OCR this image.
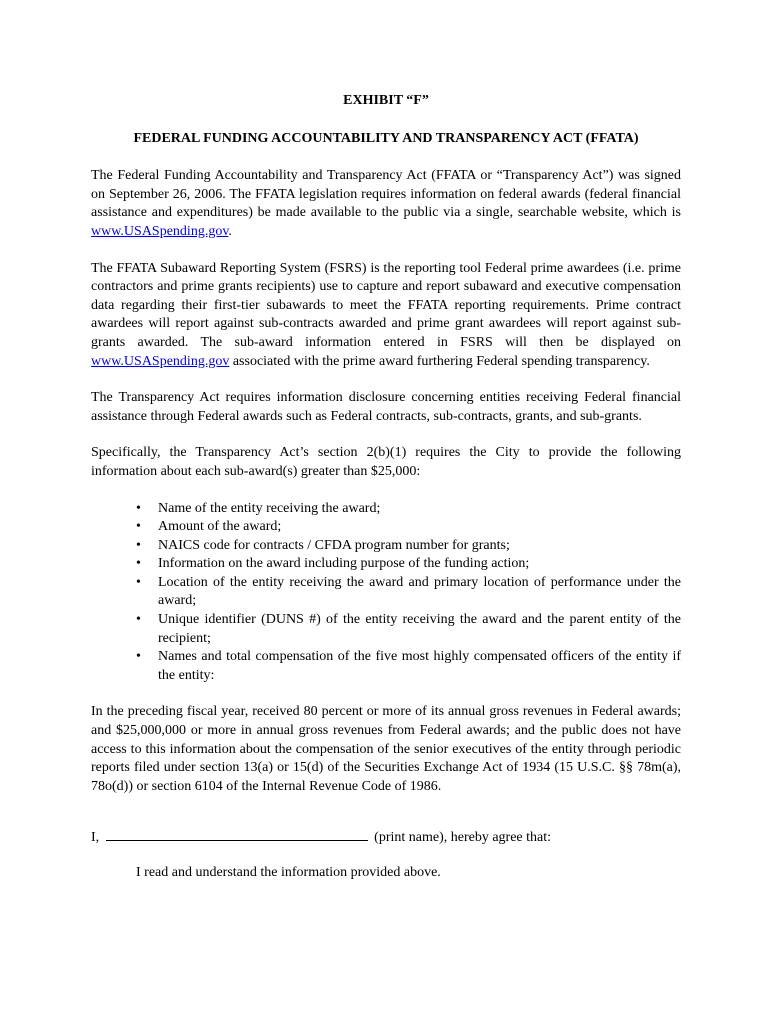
EXHIBIT “F”

FEDERAL FUNDING ACCOUNTABILITY AND TRANSPARENCY ACT (FFATA)

The Federal Funding Accountability and Transparency Act (FFATA or “Transparency Act”) was signed on September 26, 2006. The FFATA legislation requires information on federal awards (federal financial assistance and expenditures) be made available to the public via a single, searchable website, which is www.USASpending.gov.

The FFATA Subaward Reporting System (FSRS) is the reporting tool Federal prime awardees (i.e. prime contractors and prime grants recipients) use to capture and report subaward and executive compensation data regarding their first-tier subawards to meet the FFATA reporting requirements. Prime contract awardees will report against sub-contracts awarded and prime grant awardees will report against sub-grants awarded. The sub-award information entered in FSRS will then be displayed on www.USASpending.gov associated with the prime award furthering Federal spending transparency.

The Transparency Act requires information disclosure concerning entities receiving Federal financial assistance through Federal awards such as Federal contracts, sub-contracts, grants, and sub-grants.

Specifically, the Transparency Act’s section 2(b)(1) requires the City to provide the following information about each sub-award(s) greater than $25,000:

• Name of the entity receiving the award;
• Amount of the award;
• NAICS code for contracts / CFDA program number for grants;
• Information on the award including purpose of the funding action;
• Location of the entity receiving the award and primary location of performance under the award;
• Unique identifier (DUNS #) of the entity receiving the award and the parent entity of the recipient;
• Names and total compensation of the five most highly compensated officers of the entity if the entity:

In the preceding fiscal year, received 80 percent or more of its annual gross revenues in Federal awards; and $25,000,000 or more in annual gross revenues from Federal awards; and the public does not have access to this information about the compensation of the senior executives of the entity through periodic reports filed under section 13(a) or 15(d) of the Securities Exchange Act of 1934 (15 U.S.C. §§ 78m(a), 78o(d)) or section 6104 of the Internal Revenue Code of 1986.

I,	(print name), hereby agree that:

I read and understand the information provided above.
